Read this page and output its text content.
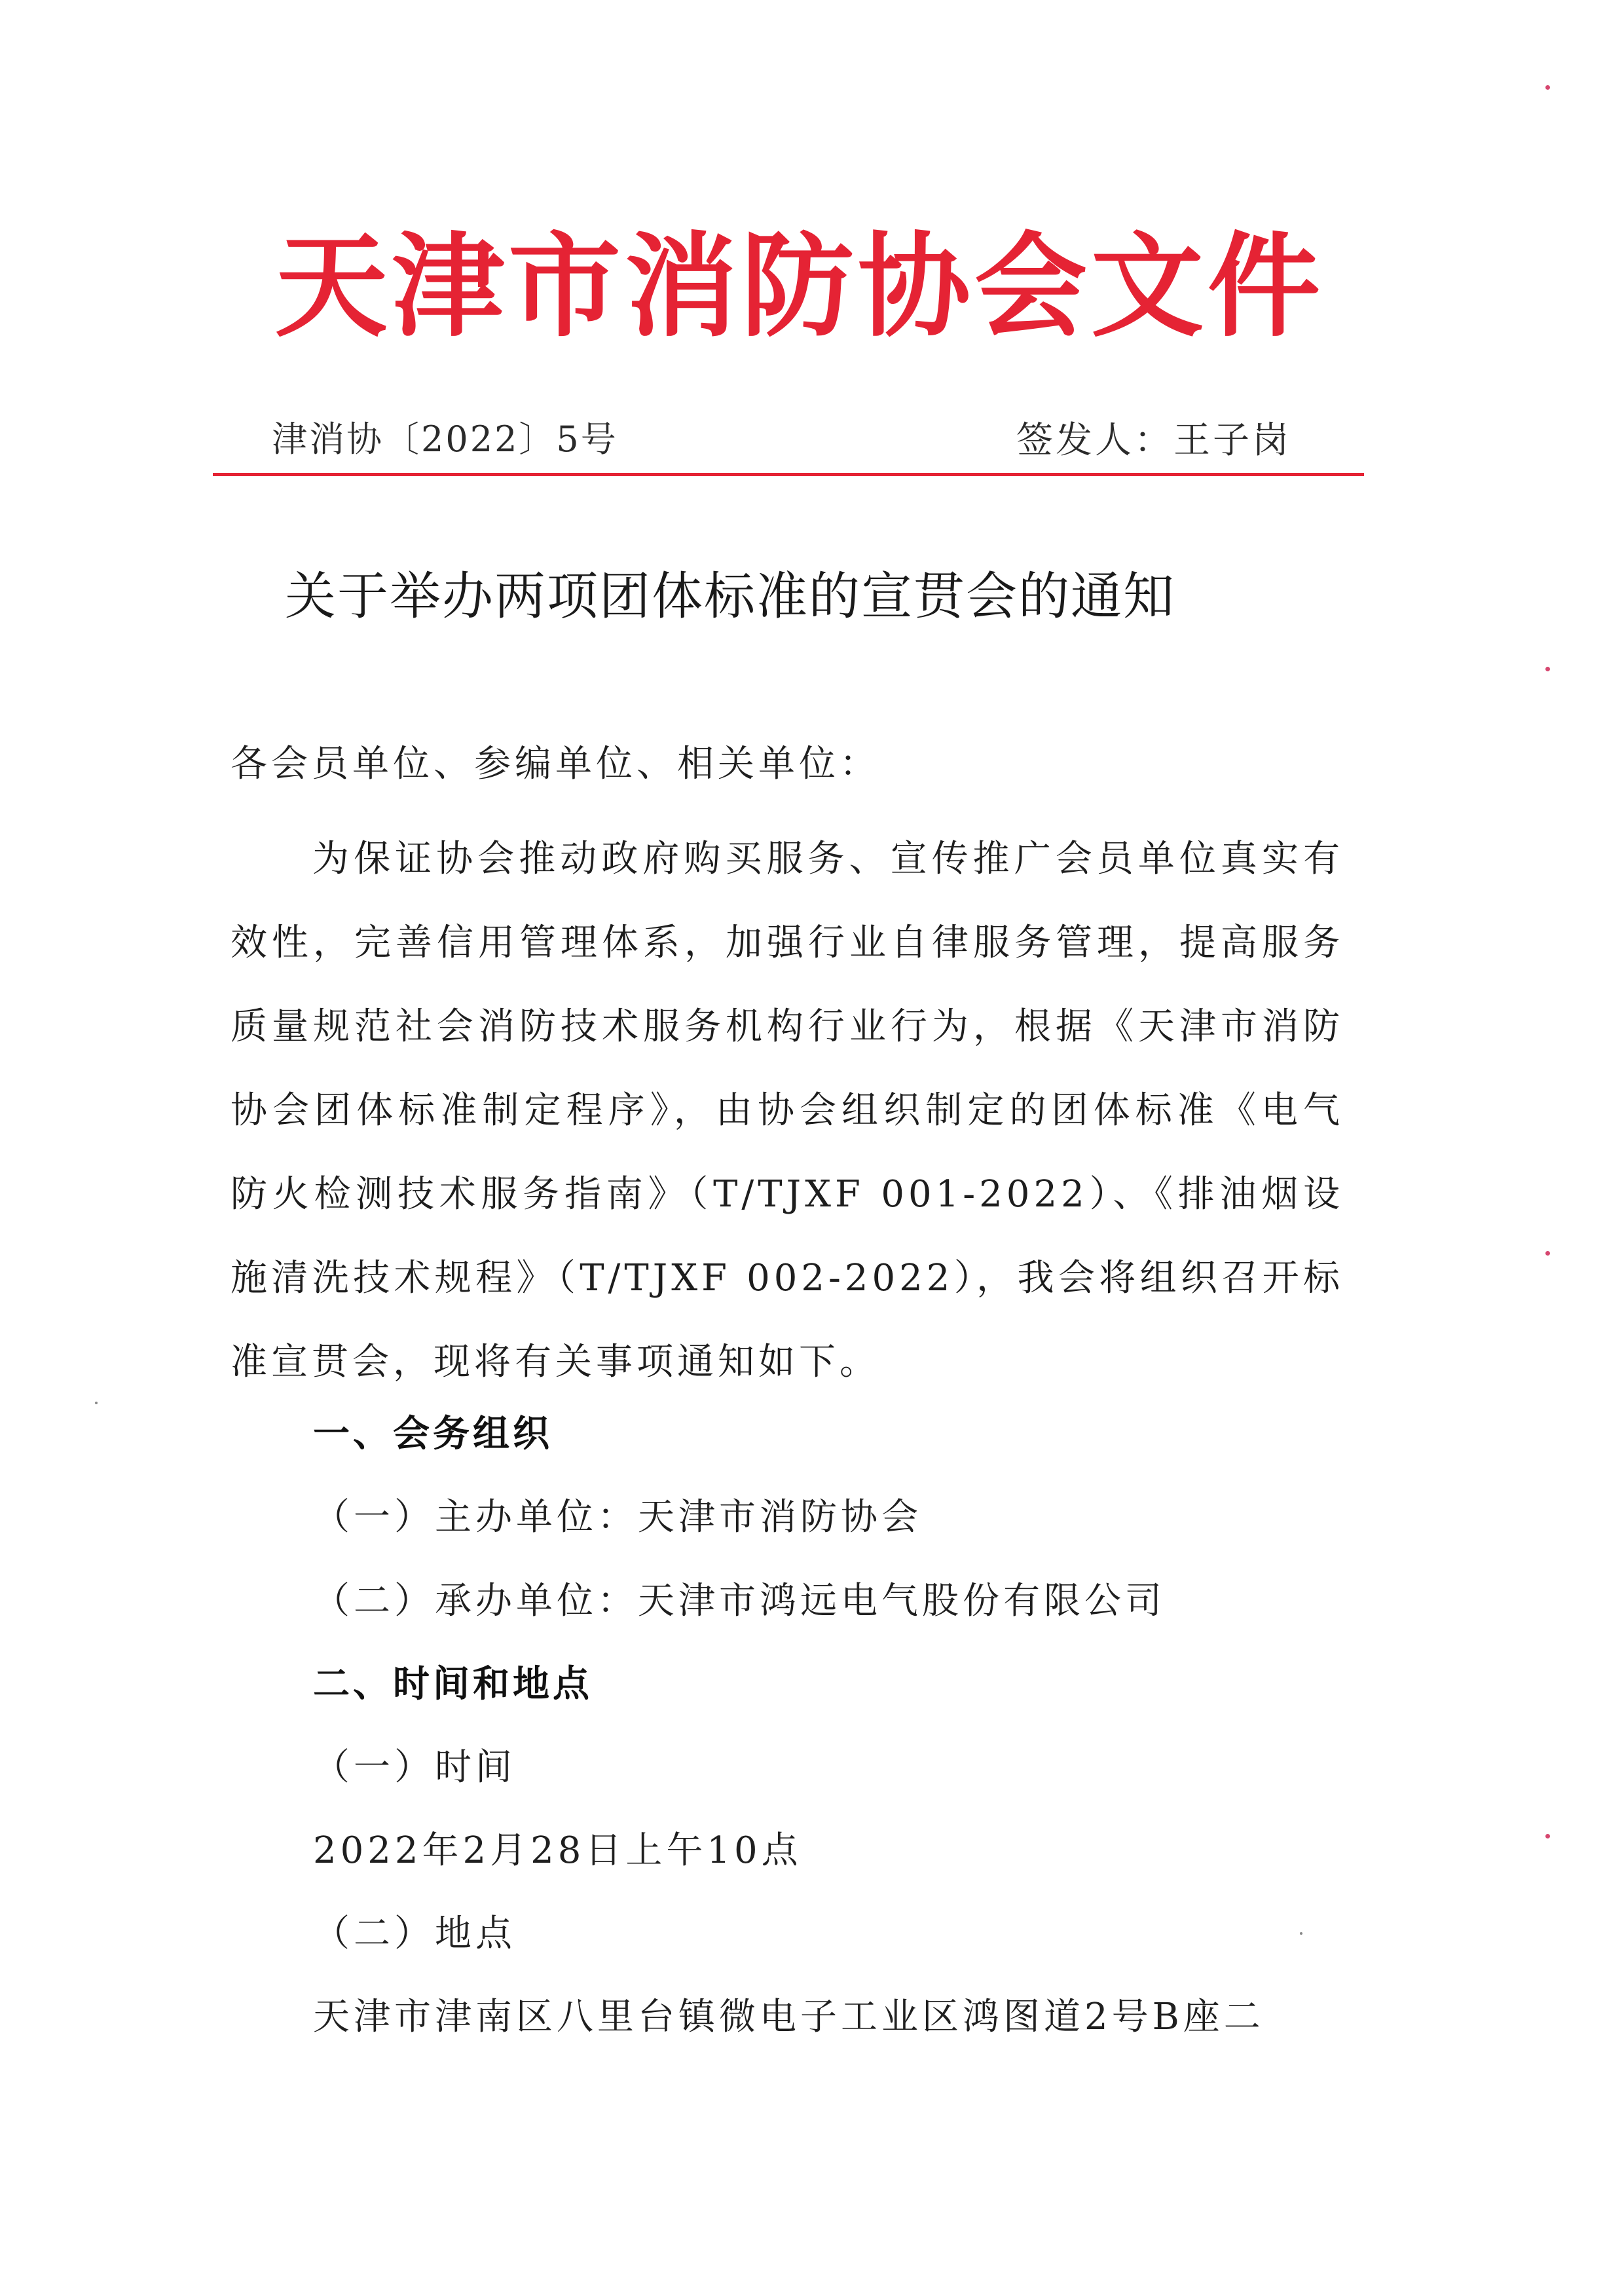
天津市消防协会文件
津消协〔2022〕5号	签发人：王子岗
关于举办两项团体标准的宣贯会的通知
各会员单位、参编单位、相关单位：
为保证协会推动政府购买服务、宣传推广会员单位真实有效性，完善信用管理体系，加强行业自律服务管理，提高服务质量规范社会消防技术服务机构行业行为，根据《天津市消防协会团体标准制定程序》，由协会组织制定的团体标准《电气防火检测技术服务指南》（T/TJXF 001-2022）、《排油烟设施清洗技术规程》（T/TJXF 002-2022），我会将组织召开标准宣贯会，现将有关事项通知如下。
一、会务组织
（一）主办单位：天津市消防协会
（二）承办单位：天津市鸿远电气股份有限公司
二、时间和地点
（一）时间
2022年2月28日上午10点
（二）地点
天津市津南区八里台镇微电子工业区鸿图道2号B座二
